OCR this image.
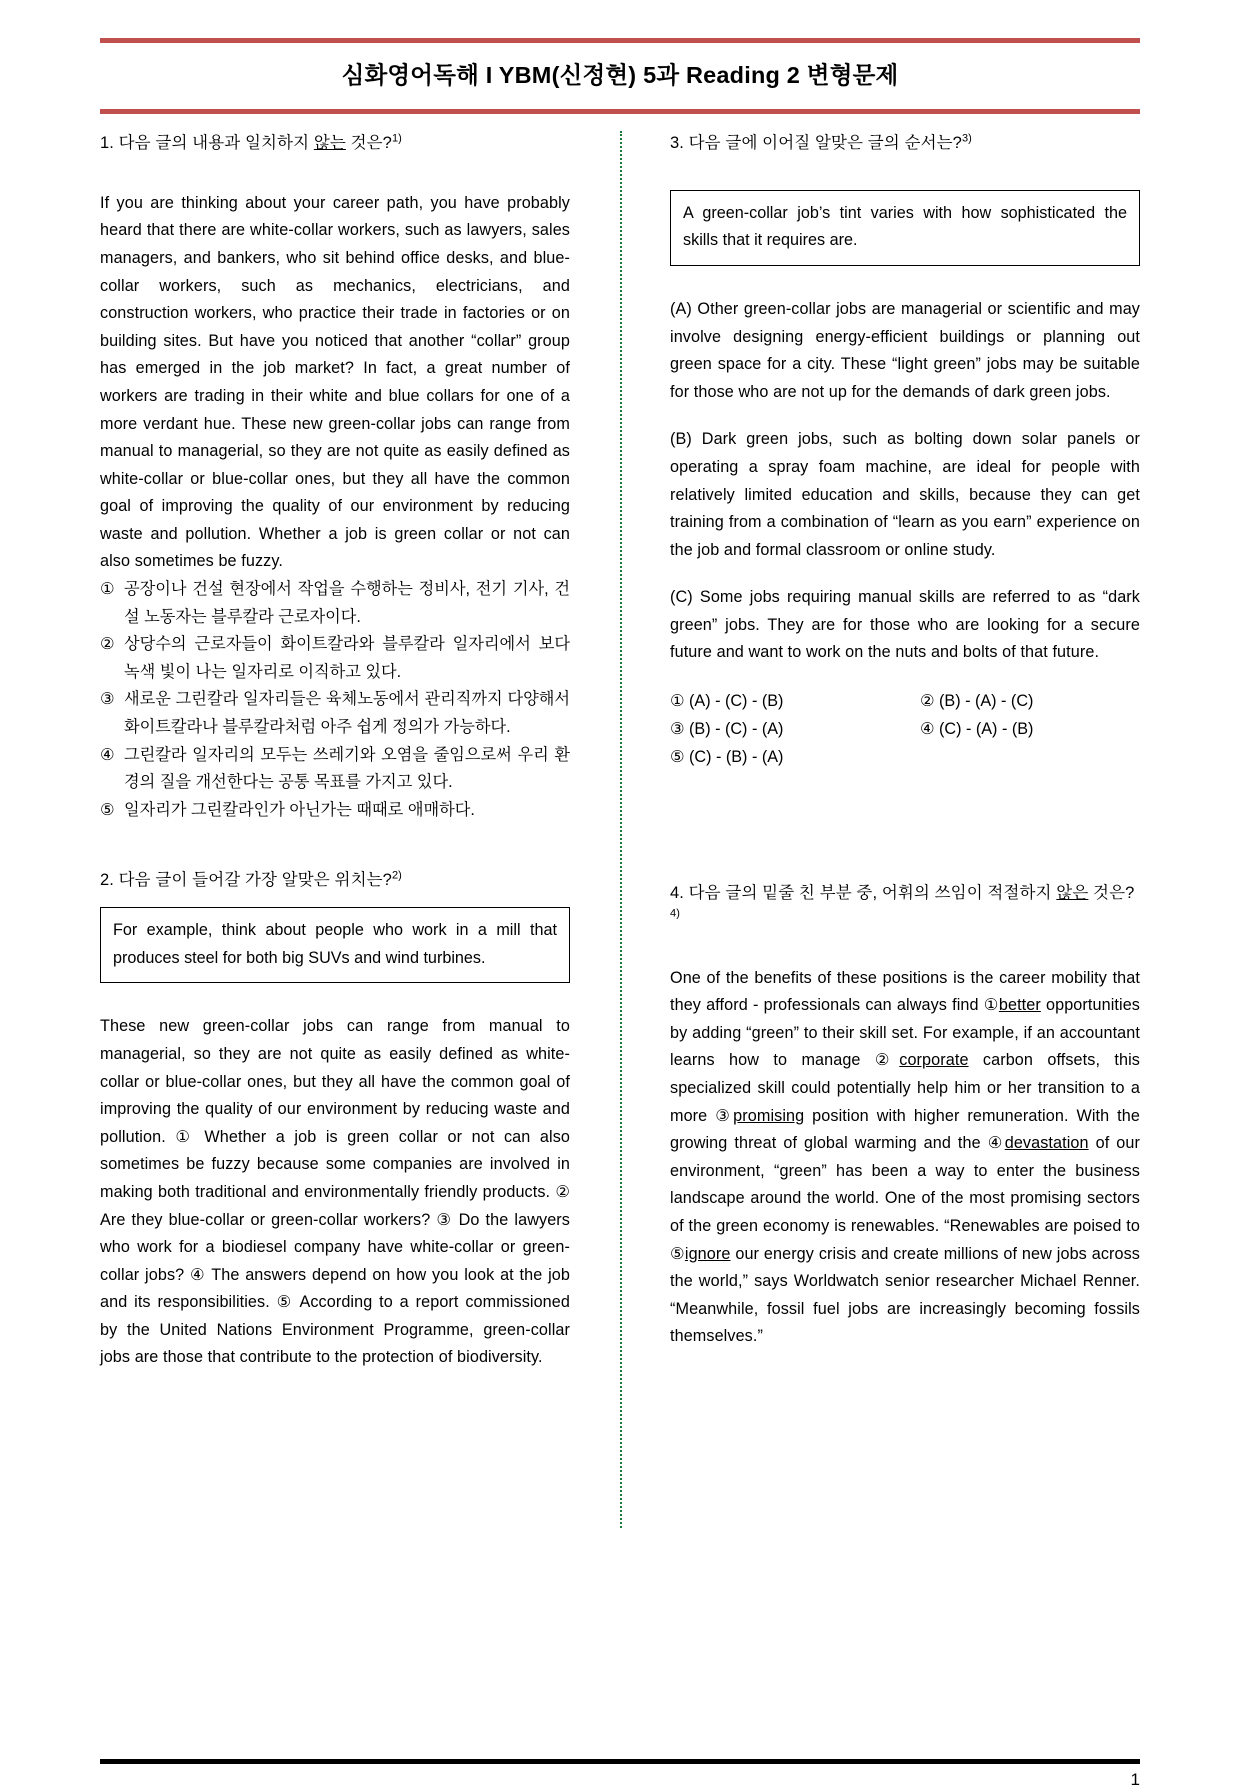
심화영어독해 I YBM(신정현) 5과 Reading 2 변형문제
1. 다음 글의 내용과 일치하지 않는 것은?$^{1)}$

If you are thinking about your career path, you have probably heard that there are white-collar workers, such as lawyers, sales managers, and bankers, who sit behind office desks, and blue-collar workers, such as mechanics, electricians, and construction workers, who practice their trade in factories or on building sites. But have you noticed that another “collar” group has emerged in the job market? In fact, a great number of workers are trading in their white and blue collars for one of a more verdant hue. These new green-collar jobs can range from manual to managerial, so they are not quite as easily defined as white-collar or blue-collar ones, but they all have the common goal of improving the quality of our environment by reducing waste and pollution. Whether a job is green collar or not can also sometimes be fuzzy.

① 공장이나 건설 현장에서 작업을 수행하는 정비사, 전기 기사, 건설 노동자는 블루칼라 근로자이다.
② 상당수의 근로자들이 화이트칼라와 블루칼라 일자리에서 보다 녹색 빛이 나는 일자리로 이직하고 있다.
③ 새로운 그린칼라 일자리들은 육체노동에서 관리직까지 다양해서 화이트칼라나 블루칼라처럼 아주 쉽게 정의가 가능하다.
④ 그린칼라 일자리의 모두는 쓰레기와 오염을 줄임으로써 우리 환경의 질을 개선한다는 공통 목표를 가지고 있다.
⑤ 일자리가 그린칼라인가 아닌가는 때때로 애매하다.
2. 다음 글이 들어갈 가장 알맞은 위치는?$^{2)}$
For example, think about people who work in a mill that produces steel for both big SUVs and wind turbines.

These new green-collar jobs can range from manual to managerial, so they are not quite as easily defined as white-collar or blue-collar ones, but they all have the common goal of improving the quality of our environment by reducing waste and pollution. ① Whether a job is green collar or not can also sometimes be fuzzy because some companies are involved in making both traditional and environmentally friendly products. ② Are they blue-collar or green-collar workers? ③ Do the lawyers who work for a biodiesel company have white-collar or green-collar jobs? ④ The answers depend on how you look at the job and its responsibilities. ⑤ According to a report commissioned by the United Nations Environment Programme, green-collar jobs are those that contribute to the protection of biodiversity.

3. 다음 글에 이어질 알맞은 글의 순서는?$^{3)}$
A green-collar job’s tint varies with how sophisticated the skills that it requires are.

(A) Other green-collar jobs are managerial or scientific and may involve designing energy-efficient buildings or planning out green space for a city. These “light green” jobs may be suitable for those who are not up for the demands of dark green jobs.

(B) Dark green jobs, such as bolting down solar panels or operating a spray foam machine, are ideal for people with relatively limited education and skills, because they can get training from a combination of “learn as you earn” experience on the job and formal classroom or online study.

(C) Some jobs requiring manual skills are referred to as “dark green” jobs. They are for those who are looking for a secure future and want to work on the nuts and bolts of that future.

① (A) - (C) - (B)	② (B) - (A) - (C)
③ (B) - (C) - (A)	④ (C) - (A) - (B)
⑤ (C) - (B) - (A)
4. 다음 글의 밑줄 친 부분 중, 어휘의 쓰임이 적절하지 않은 것은?$^{4)}$

One of the benefits of these positions is the career mobility that they afford - professionals can always find ①better opportunities by adding “green” to their skill set. For example, if an accountant learns how to manage ②corporate carbon offsets, this specialized skill could potentially help him or her transition to a more ③promising position with higher remuneration. With the growing threat of global warming and the ④devastation of our environment, “green” has been a way to enter the business landscape around the world. One of the most promising sectors of the green economy is renewables. “Renewables are poised to ⑤ignore our energy crisis and create millions of new jobs across the world,” says Worldwatch senior researcher Michael Renner. “Meanwhile, fossil fuel jobs are increasingly becoming fossils themselves.”

1
